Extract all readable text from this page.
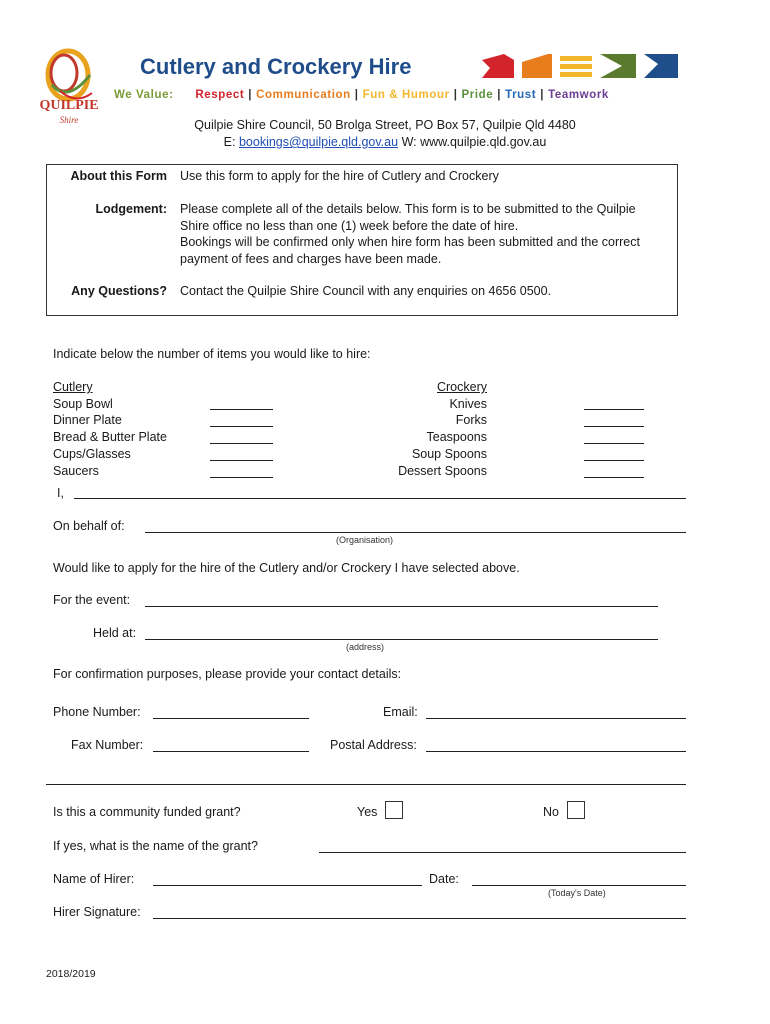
QUILPIE
Shire
Cutlery and Crockery Hire
We Value: Respect | Communication | Fun & Humour | Pride | Trust | Teamwork
Quilpie Shire Council, 50 Brolga Street, PO Box 57, Quilpie Qld 4480
E: bookings@quilpie.qld.gov.au W: www.quilpie.qld.gov.au
About this Form Use this form to apply for the hire of Cutlery and Crockery
Lodgement: Please complete all of the details below. This form is to be submitted to the Quilpie
Shire office no less than one (1) week before the date of hire.
Bookings will be confirmed only when hire form has been submitted and the correct
payment of fees and charges have been made.
Any Questions? Contact the Quilpie Shire Council with any enquiries on 4656 0500.
Indicate below the number of items you would like to hire:
Cutlery
Soup Bowl
Dinner Plate
Bread & Butter Plate
Cups/Glasses
Saucers
Crockery
Knives
Forks
Teaspoons
Soup Spoons
Dessert Spoons
I,
On behalf of:
(Organisation)
Would like to apply for the hire of the Cutlery and/or Crockery I have selected above.
For the event:
Held at:
(address)
For confirmation purposes, please provide your contact details:
Phone Number:	Email:
Fax Number:	Postal Address:
Is this a community funded grant?	Yes	No
If yes, what is the name of the grant?
Name of Hirer:	Date:
(Today's Date)
Hirer Signature:
2018/2019
